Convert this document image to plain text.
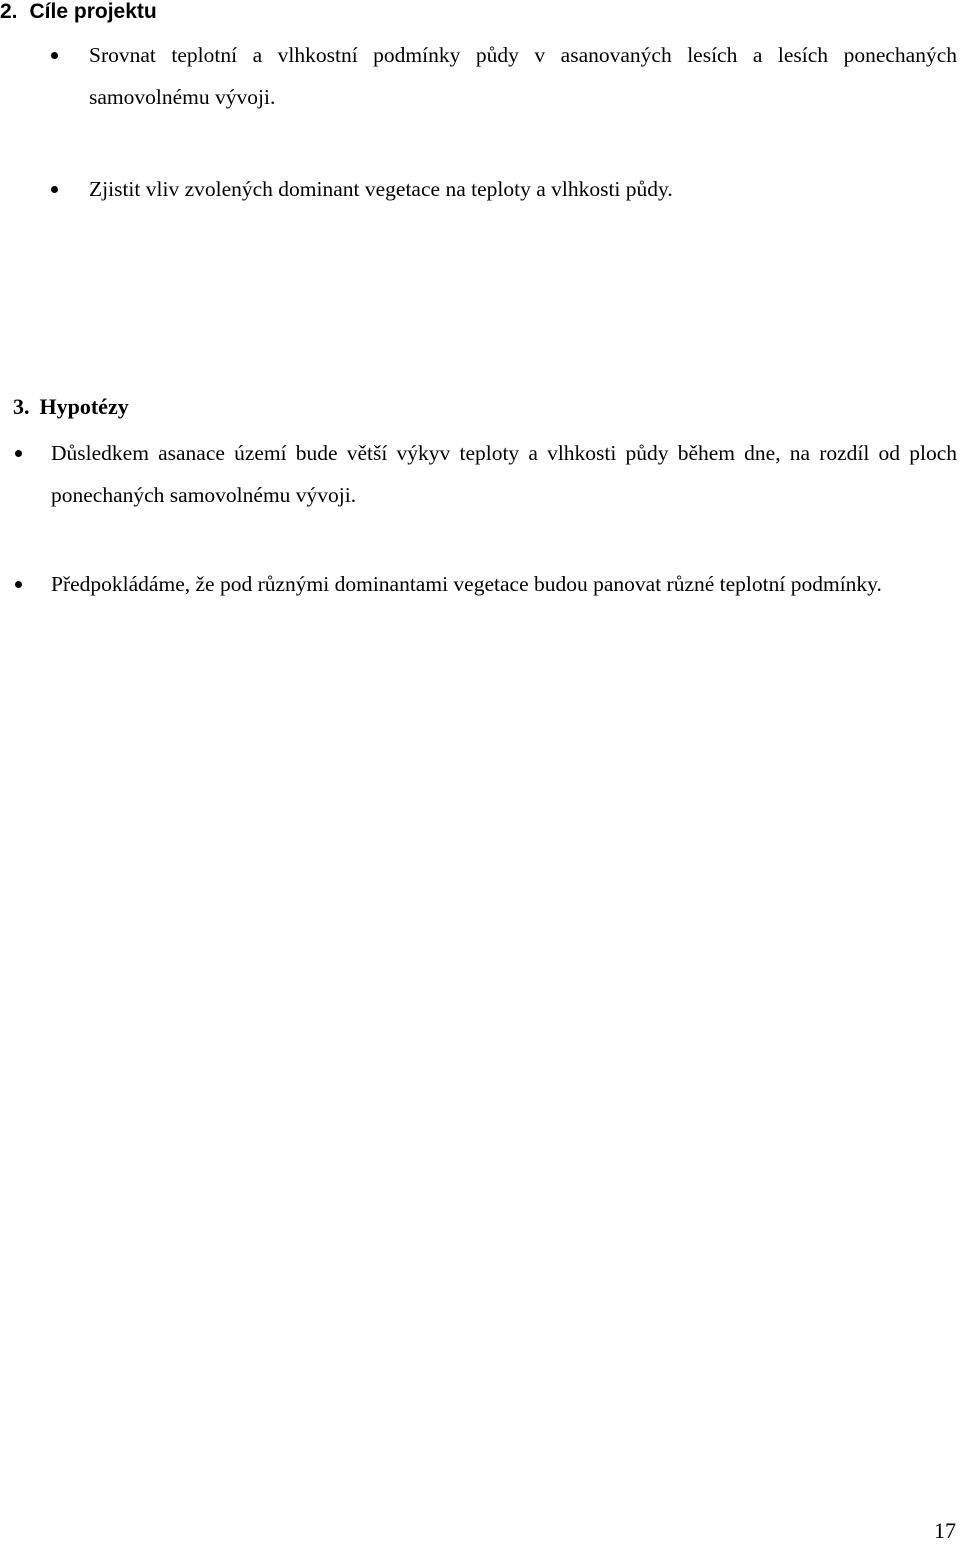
2. Cíle projektu
Srovnat teplotní a vlhkostní podmínky půdy v asanovaných lesích a lesích ponechaných samovolnému vývoji.
Zjistit vliv zvolených dominant vegetace na teploty a vlhkosti půdy.
3. Hypotézy
Důsledkem asanace území bude větší výkyv teploty a vlhkosti půdy během dne, na rozdíl od ploch ponechaných samovolnému vývoji.
Předpokládáme, že pod různými dominantami vegetace budou panovat různé teplotní podmínky.
17
